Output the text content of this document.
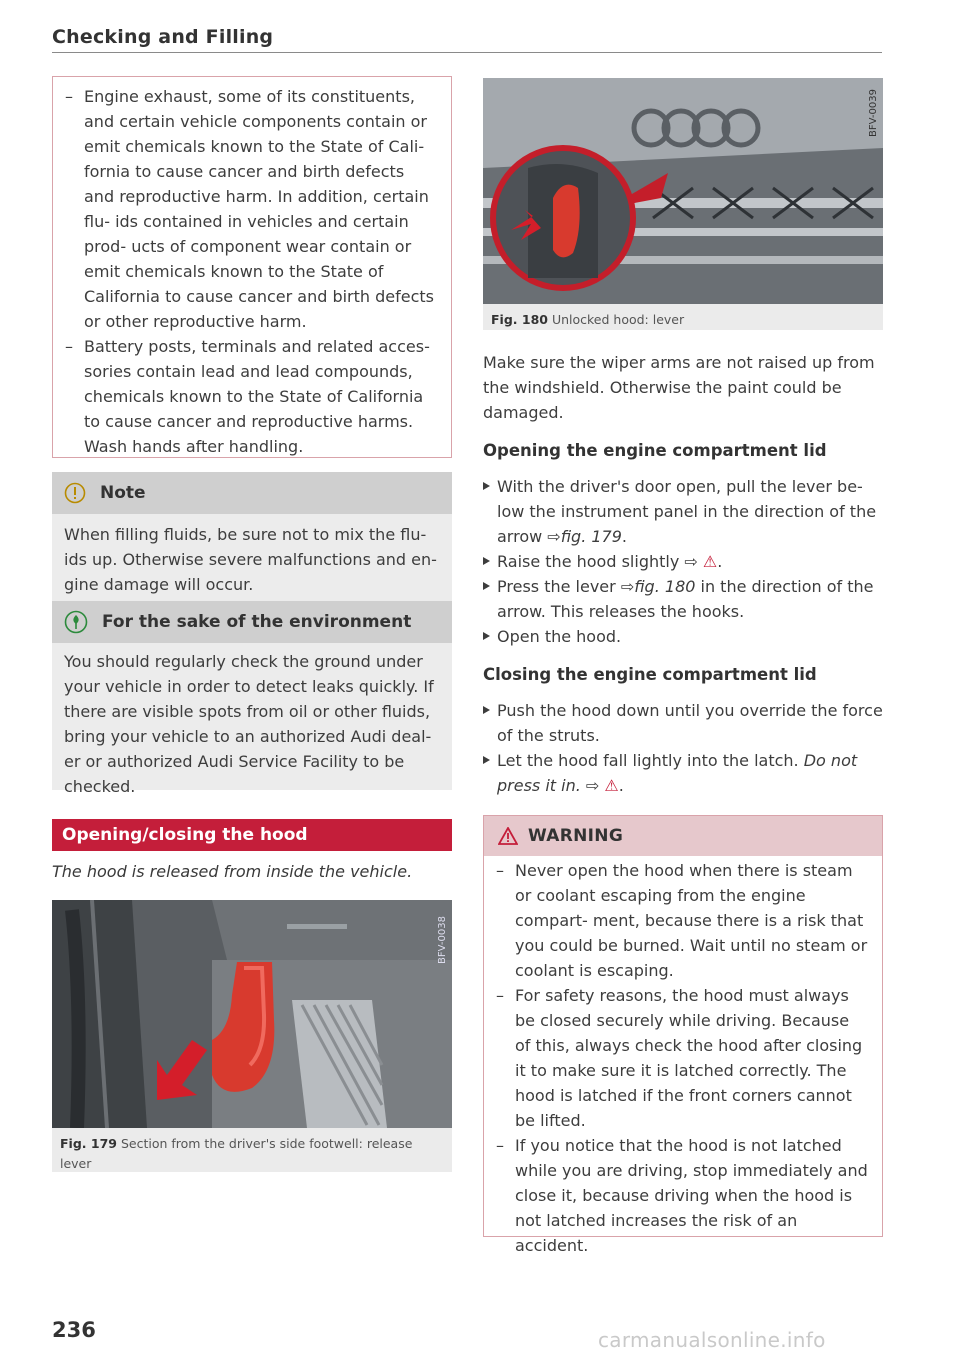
Checking and Filling
– Engine exhaust, some of its constituents, and certain vehicle components contain or emit chemicals known to the State of Cali- fornia to cause cancer and birth defects and reproductive harm. In addition, certain flu- ids contained in vehicles and certain prod- ucts of component wear contain or emit chemicals known to the State of California to cause cancer and birth defects or other reproductive harm.
– Battery posts, terminals and related acces- sories contain lead and lead compounds, chemicals known to the State of California to cause cancer and reproductive harms. Wash hands after handling.
Note
When filling fluids, be sure not to mix the flu- ids up. Otherwise severe malfunctions and en- gine damage will occur.
For the sake of the environment
You should regularly check the ground under your vehicle in order to detect leaks quickly. If there are visible spots from oil or other fluids, bring your vehicle to an authorized Audi deal- er or authorized Audi Service Facility to be checked.
Opening/closing the hood
The hood is released from inside the vehicle.
BFV-0038
Fig. 179 Section from the driver's side footwell: release lever
BFV-0039
Fig. 180 Unlocked hood: lever
Make sure the wiper arms are not raised up from the windshield. Otherwise the paint could be damaged.
Opening the engine compartment lid
With the driver's door open, pull the lever be- low the instrument panel in the direction of the arrow ⇨fig. 179.
Raise the hood slightly ⇨ ⚠.
Press the lever ⇨fig. 180 in the direction of the arrow. This releases the hooks.
Open the hood.
Closing the engine compartment lid
Push the hood down until you override the force of the struts.
Let the hood fall lightly into the latch. Do not press it in. ⇨ ⚠.
WARNING
– Never open the hood when there is steam or coolant escaping from the engine compart- ment, because there is a risk that you could be burned. Wait until no steam or coolant is escaping.
– For safety reasons, the hood must always be closed securely while driving. Because of this, always check the hood after closing it to make sure it is latched correctly. The hood is latched if the front corners cannot be lifted.
– If you notice that the hood is not latched while you are driving, stop immediately and close it, because driving when the hood is not latched increases the risk of an accident.
236	carmanualsonline.info
